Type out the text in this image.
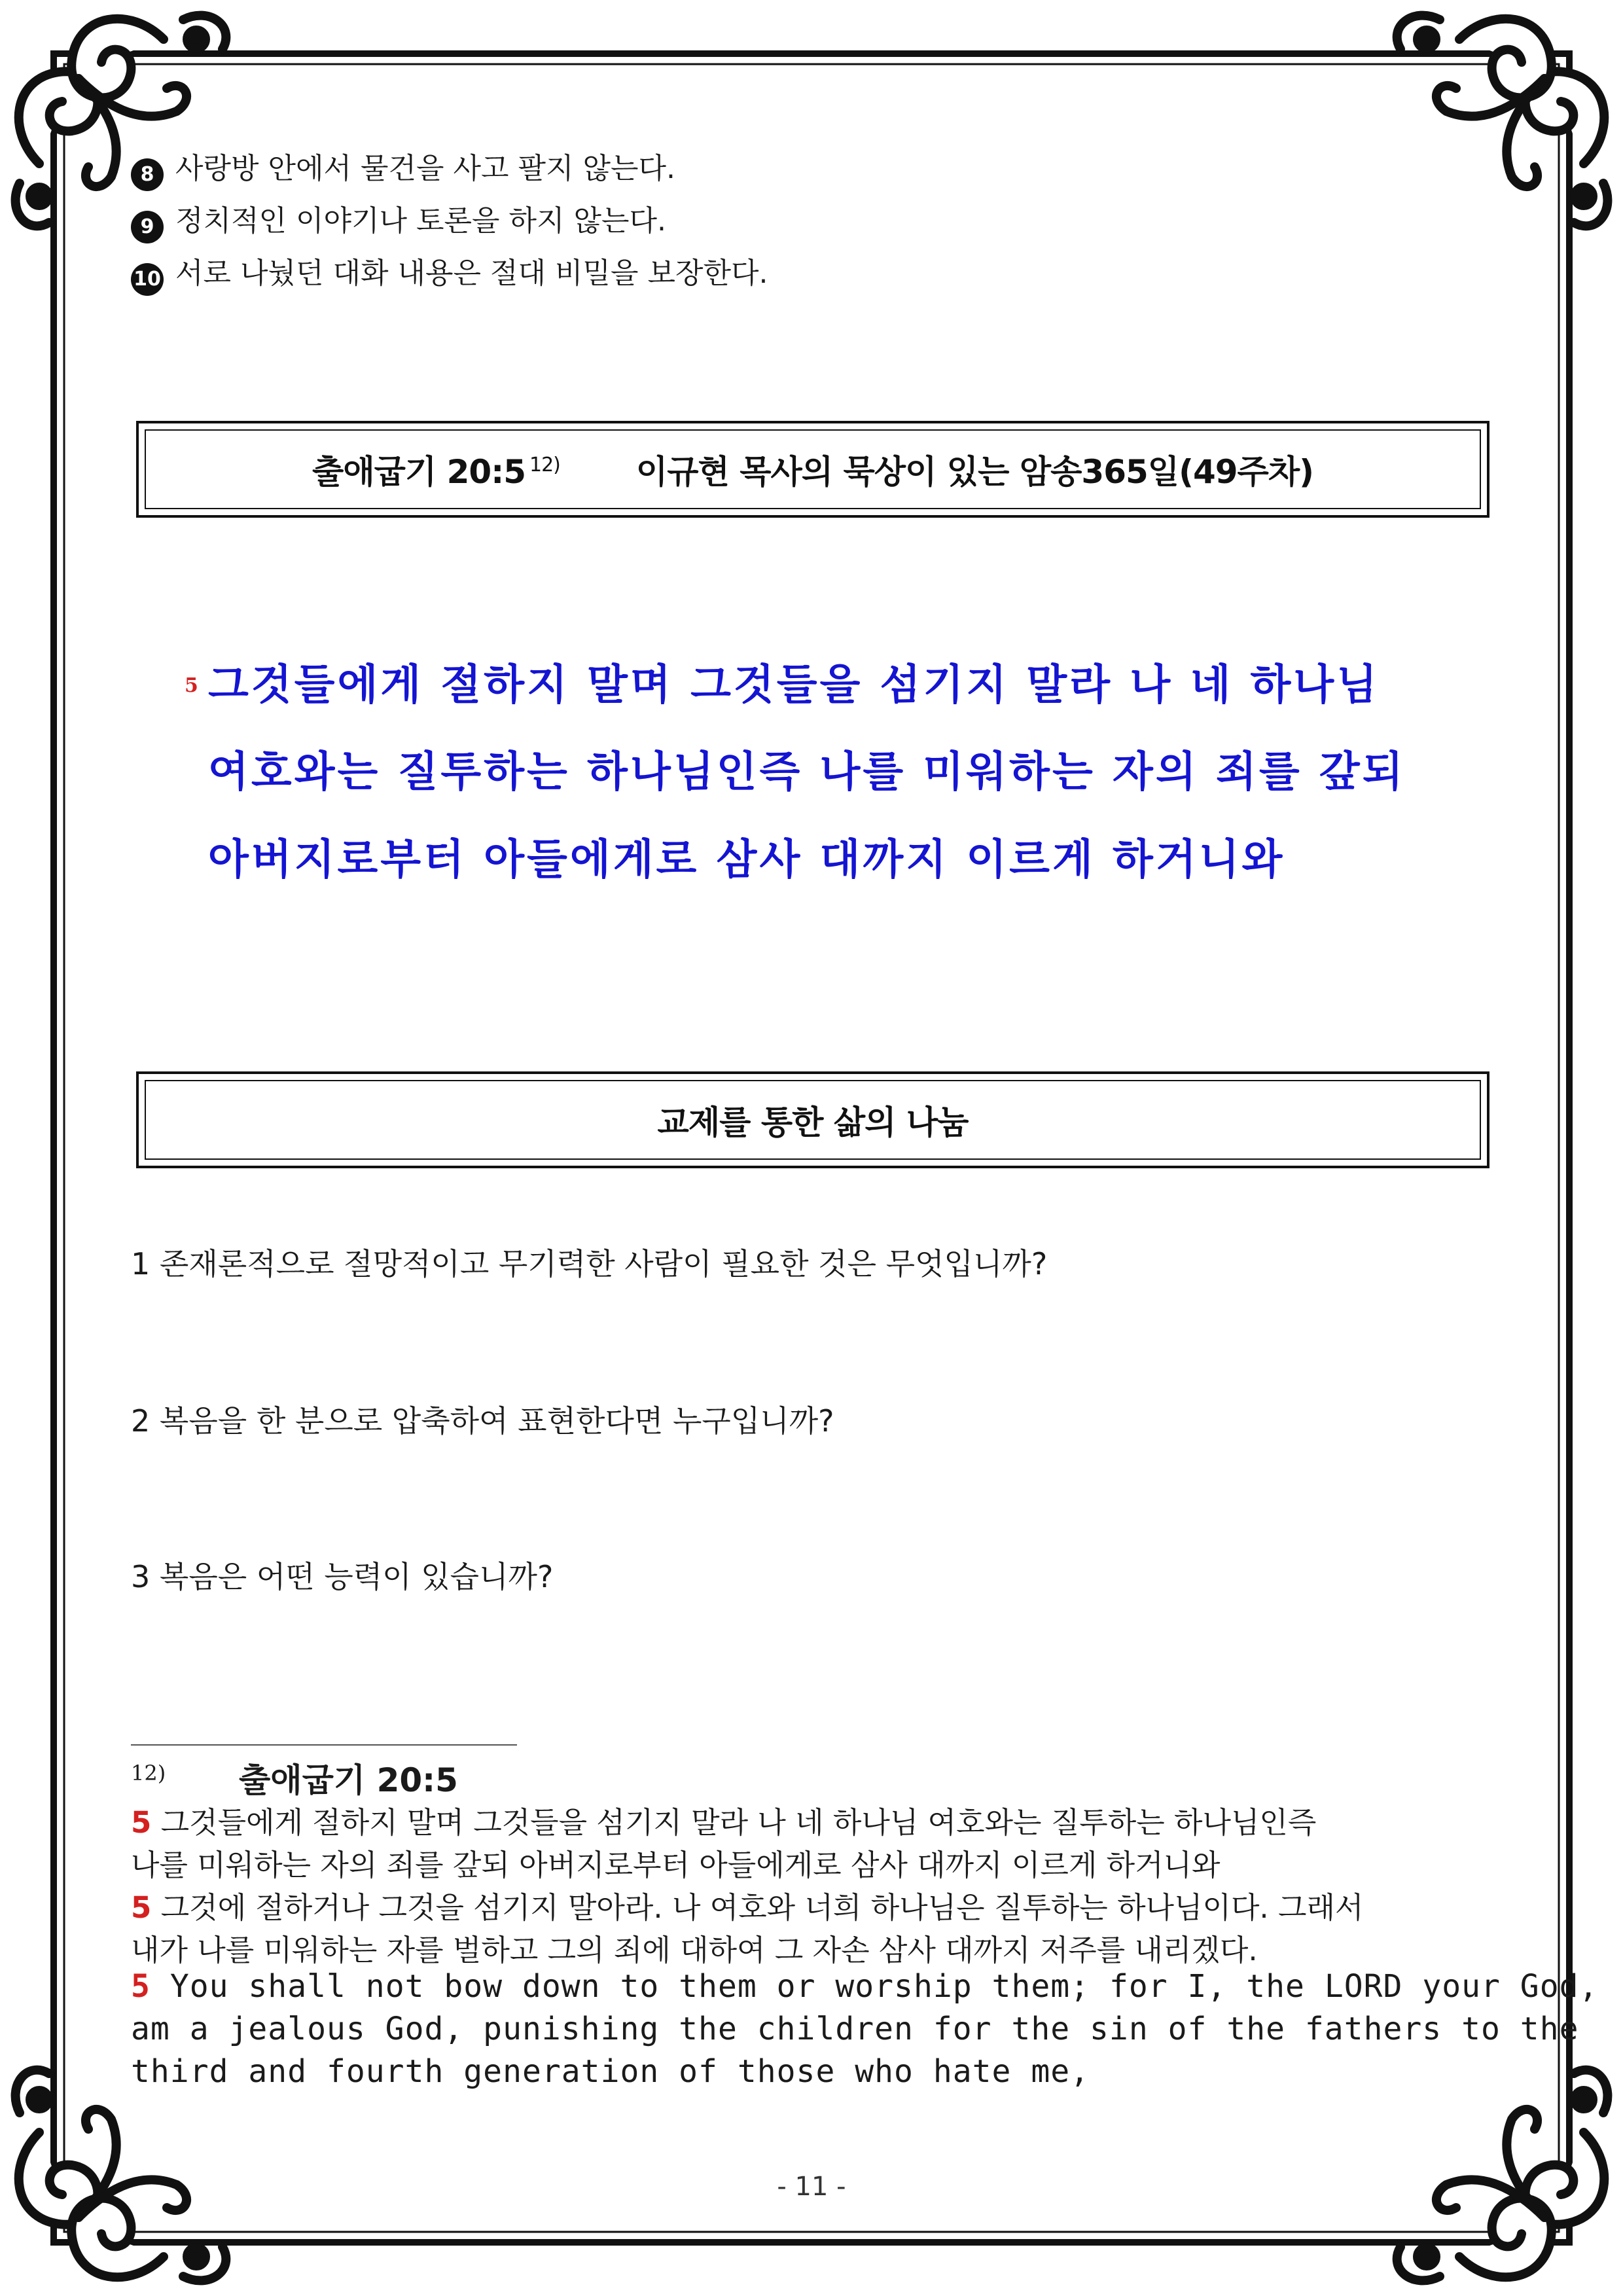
8 사랑방 안에서 물건을 사고 팔지 않는다.
9 정치적인 이야기나 토론을 하지 않는다.
10 서로 나눴던 대화 내용은 절대 비밀을 보장한다.
출애굽기 20:5 $^{12)}$ 이규현 목사의 묵상이 있는 암송365일(49주차)
5 그것들에게 절하지 말며 그것들을 섬기지 말라 나 네 하나님
여호와는 질투하는 하나님인즉 나를 미워하는 자의 죄를 갚되
아버지로부터 아들에게로 삼사 대까지 이르게 하거니와
교제를 통한 삶의 나눔
1 존재론적으로 절망적이고 무기력한 사람이 필요한 것은 무엇입니까?
2 복음을 한 분으로 압축하여 표현한다면 누구입니까?
3 복음은 어떤 능력이 있습니까?
12) 출애굽기 20:5
5 그것들에게 절하지 말며 그것들을 섬기지 말라 나 네 하나님 여호와는 질투하는 하나님인즉
나를 미워하는 자의 죄를 갚되 아버지로부터 아들에게로 삼사 대까지 이르게 하거니와
5 그것에 절하거나 그것을 섬기지 말아라. 나 여호와 너희 하나님은 질투하는 하나님이다. 그래서
내가 나를 미워하는 자를 벌하고 그의 죄에 대하여 그 자손 삼사 대까지 저주를 내리겠다.
5 You shall not bow down to them or worship them; for I, the LORD your God,
am a jealous God, punishing the children for the sin of the fathers to the
third and fourth generation of those who hate me,
- 11 -
